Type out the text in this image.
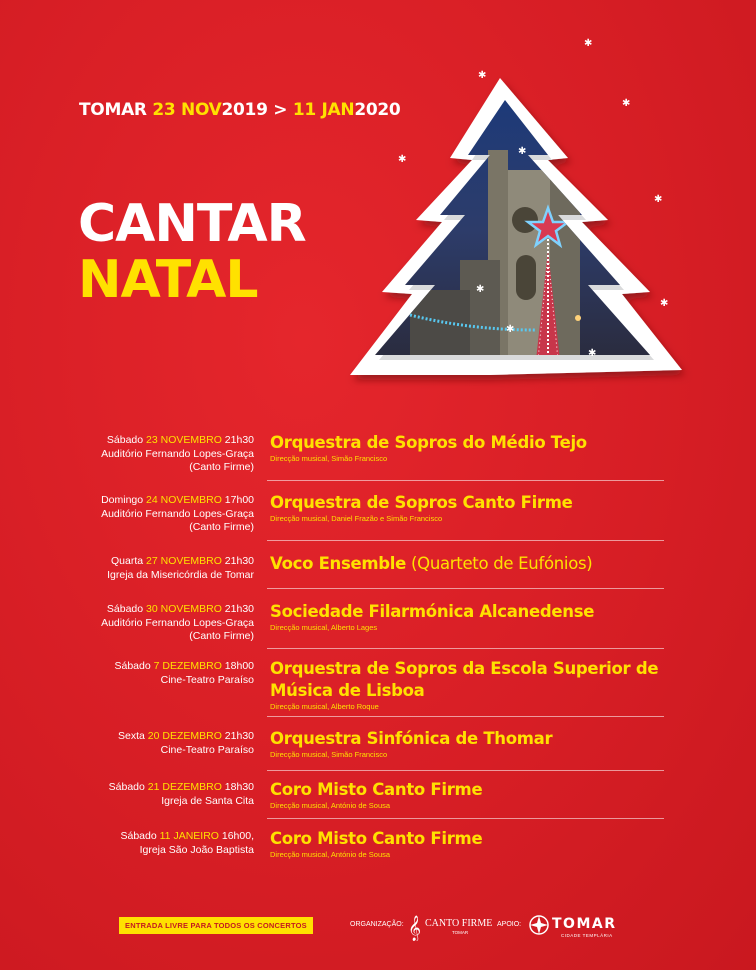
TOMAR 23 NOV2019 > 11 JAN2020
CANTAR
NATAL
✱
✱
✱
✱
✱
✱
✱
✱
✱
✱
Sábado 23 NOVEMBRO 21h30
Auditório Fernando Lopes-Graça
(Canto Firme)
Orquestra de Sopros do Médio Tejo
Direcção musical, Simão Francisco
Domingo 24 NOVEMBRO 17h00
Auditório Fernando Lopes-Graça
(Canto Firme)
Orquestra de Sopros Canto Firme
Direcção musical, Daniel Frazão e Simão Francisco
Quarta 27 NOVEMBRO 21h30
Igreja da Misericórdia de Tomar
Voco Ensemble (Quarteto de Eufónios)
Sábado 30 NOVEMBRO 21h30
Auditório Fernando Lopes-Graça
(Canto Firme)
Sociedade Filarmónica Alcanedense
Direcção musical, Alberto Lages
Sábado 7 DEZEMBRO 18h00
Cine-Teatro Paraíso
Orquestra de Sopros da Escola Superior de Música de Lisboa
Direcção musical, Alberto Roque
Sexta 20 DEZEMBRO 21h30
Cine-Teatro Paraíso
Orquestra Sinfónica de Thomar
Direcção musical, Simão Francisco
Sábado 21 DEZEMBRO 18h30
Igreja de Santa Cita
Coro Misto Canto Firme
Direcção musical, António de Sousa
Sábado 11 JANEIRO 16h00,
Igreja São João Baptista
Coro Misto Canto Firme
Direcção musical, António de Sousa
ENTRADA LIVRE PARA TODOS OS CONCERTOS	ORGANIZAÇÃO: 𝄞 CANTO FIRME
TOMAR
APOIO: TOMAR
CIDADE TEMPLÁRIA
